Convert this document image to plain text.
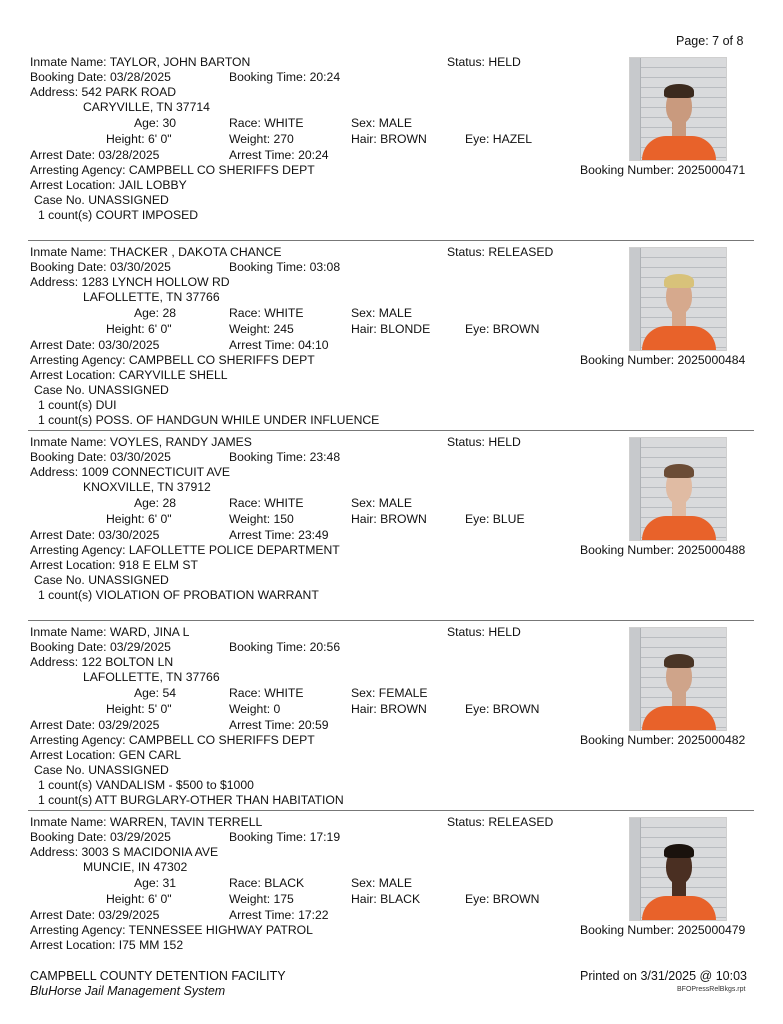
Page: 7 of 8
Inmate Name: TAYLOR, JOHN BARTON	Status: HELD
Booking Date: 03/28/2025	Booking Time: 20:24
Address: 542 PARK ROAD
CARYVILLE, TN 37714
Age: 30	Race: WHITE	Sex: MALE
Height: 6' 0"	Weight: 270	Hair: BROWN	Eye: HAZEL
Arrest Date: 03/28/2025	Arrest Time: 20:24
Arresting Agency: CAMPBELL CO SHERIFFS DEPT	Booking Number: 2025000471
Arrest Location: JAIL LOBBY
Case No. UNASSIGNED
1 count(s) COURT IMPOSED
Inmate Name: THACKER , DAKOTA CHANCE	Status: RELEASED
Booking Date: 03/30/2025	Booking Time: 03:08
Address: 1283 LYNCH HOLLOW RD
LAFOLLETTE, TN 37766
Age: 28	Race: WHITE	Sex: MALE
Height: 6' 0"	Weight: 245	Hair: BLONDE	Eye: BROWN
Arrest Date: 03/30/2025	Arrest Time: 04:10
Arresting Agency: CAMPBELL CO SHERIFFS DEPT	Booking Number: 2025000484
Arrest Location: CARYVILLE SHELL
Case No. UNASSIGNED
1 count(s) DUI
1 count(s) POSS. OF HANDGUN WHILE UNDER INFLUENCE
Inmate Name: VOYLES, RANDY JAMES	Status: HELD
Booking Date: 03/30/2025	Booking Time: 23:48
Address: 1009 CONNECTICUIT AVE
KNOXVILLE, TN 37912
Age: 28	Race: WHITE	Sex: MALE
Height: 6' 0"	Weight: 150	Hair: BROWN	Eye: BLUE
Arrest Date: 03/30/2025	Arrest Time: 23:49
Arresting Agency: LAFOLLETTE POLICE DEPARTMENT	Booking Number: 2025000488
Arrest Location: 918 E ELM ST
Case No. UNASSIGNED
1 count(s) VIOLATION OF PROBATION WARRANT
Inmate Name: WARD, JINA L	Status: HELD
Booking Date: 03/29/2025	Booking Time: 20:56
Address: 122 BOLTON LN
LAFOLLETTE, TN 37766
Age: 54	Race: WHITE	Sex: FEMALE
Height: 5' 0"	Weight: 0	Hair: BROWN	Eye: BROWN
Arrest Date: 03/29/2025	Arrest Time: 20:59
Arresting Agency: CAMPBELL CO SHERIFFS DEPT	Booking Number: 2025000482
Arrest Location: GEN CARL
Case No. UNASSIGNED
1 count(s) VANDALISM - $500 to $1000
1 count(s) ATT BURGLARY-OTHER THAN HABITATION
Inmate Name: WARREN, TAVIN TERRELL	Status: RELEASED
Booking Date: 03/29/2025	Booking Time: 17:19
Address: 3003 S MACIDONIA AVE
MUNCIE, IN 47302
Age: 31	Race: BLACK	Sex: MALE
Height: 6' 0"	Weight: 175	Hair: BLACK	Eye: BROWN
Arrest Date: 03/29/2025	Arrest Time: 17:22
Arresting Agency: TENNESSEE HIGHWAY PATROL	Booking Number: 2025000479
Arrest Location: I75 MM 152
CAMPBELL COUNTY DETENTION FACILITY
BluHorse Jail Management System
Printed on 3/31/2025 @ 10:03
BFOPressRelBkgs.rpt
